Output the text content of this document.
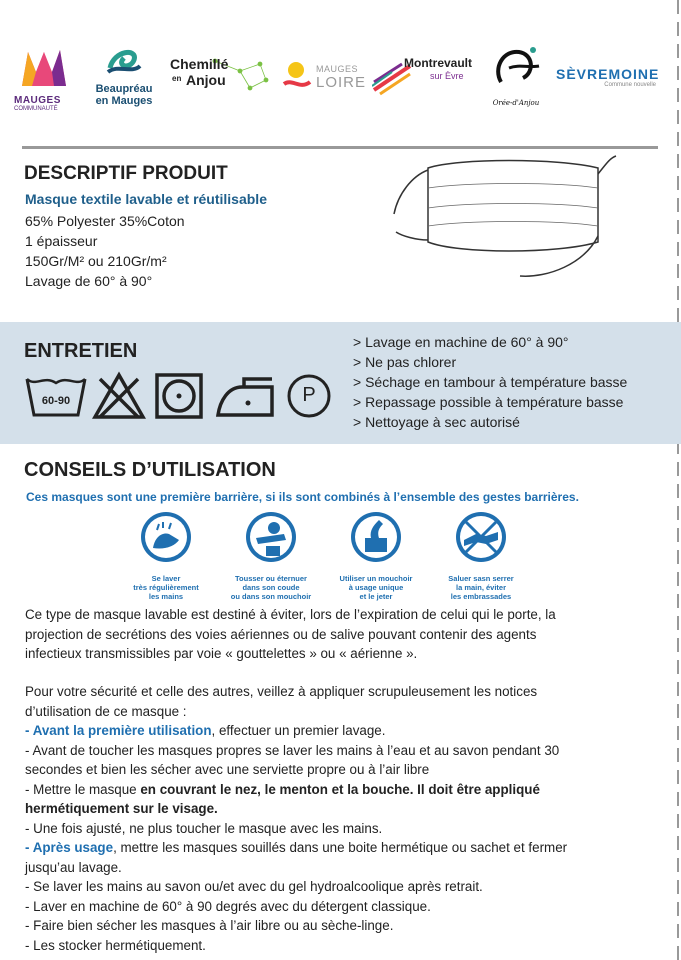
MAUGES
COMMUNAUTÉ
Beaupréau
en Mauges
Chemillé
en Anjou
MAUGES
LOIRE
Montrevault
sur Èvre
Orée-d'Anjou
SÈVREMOINE
Commune nouvelle
DESCRIPTIF PRODUIT
Masque textile lavable et réutilisable
65% Polyester 35%Coton
1 épaisseur
150Gr/M² ou 210Gr/m²
Lavage de 60° à 90°
ENTRETIEN
60-90	P
> Lavage en machine de 60° à 90°
> Ne pas chlorer
> Séchage en tambour à température basse
> Repassage possible à température basse
> Nettoyage à sec autorisé
CONSEILS D’UTILISATION
Ces masques sont une première barrière, si ils sont combinés à l’ensemble des gestes barrières.
Se laver
très régulièrement
les mains
Tousser ou éternuer
dans son coude
ou dans son mouchoir
Utiliser un mouchoir
à usage unique
et le jeter
Saluer sasn serrer
la main, éviter
les embrassades

Ce type de masque lavable est destiné à éviter, lors de l’expiration de celui qui le porte, la

projection de secrétions des voies aériennes ou de salive pouvant contenir des agents

infectieux transmissibles par voie « gouttelettes » ou « aérienne ».

Pour votre sécurité et celle des autres, veillez à appliquer scrupuleusement les notices

d’utilisation de ce masque :

- Avant la première utilisation, effectuer un premier lavage.

- Avant de toucher les masques propres se laver les mains à l’eau et au savon pendant 30

secondes et bien les sécher avec une serviette propre ou à l’air libre

- Mettre le masque en couvrant le nez, le menton et la bouche. Il doit être appliqué

hermétiquement sur le visage.

- Une fois ajusté, ne plus toucher le masque avec les mains.

- Après usage, mettre les masques souillés dans une boite hermétique ou sachet et fermer

jusqu’au lavage.

- Se laver les mains au savon ou/et avec du gel hydroalcoolique après retrait.

- Laver en machine de 60° à 90 degrés avec du détergent classique.

- Faire bien sécher les masques à l’air libre ou au sèche-linge.

- Les stocker hermétiquement.
